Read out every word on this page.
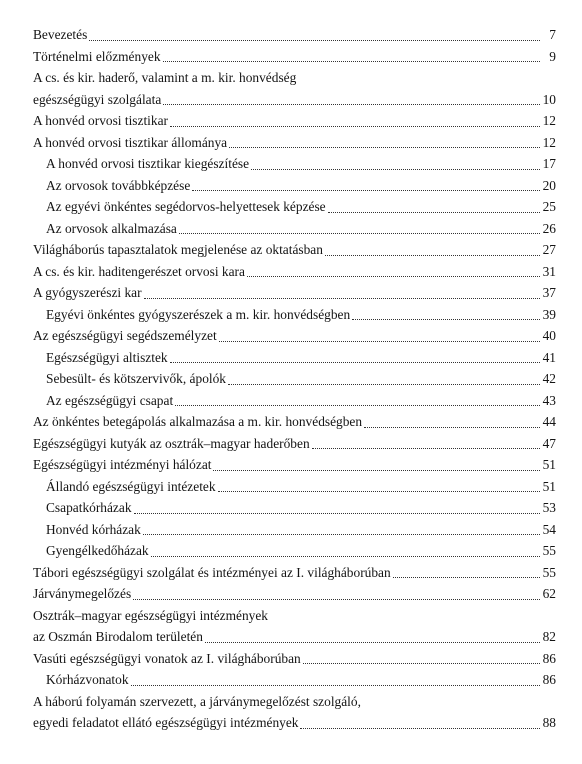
Bevezetés	7
Történelmi előzmények	9
A cs. és kir. haderő, valamint a m. kir. honvédség
egészségügyi szolgálata	10
A honvéd orvosi tisztikar	12
A honvéd orvosi tisztikar állománya	12
A honvéd orvosi tisztikar kiegészítése	17
Az orvosok továbbképzése	20
Az egyévi önkéntes segédorvos-helyettesek képzése	25
Az orvosok alkalmazása	26
Világháborús tapasztalatok megjelenése az oktatásban	27
A cs. és kir. haditengerészet orvosi kara	31
A gyógyszerészi kar	37
Egyévi önkéntes gyógyszerészek a m. kir. honvédségben	39
Az egészségügyi segédszemélyzet	40
Egészségügyi altisztek	41
Sebesült- és kötszervivők, ápolók	42
Az egészségügyi csapat	43
Az önkéntes betegápolás alkalmazása a m. kir. honvédségben	44
Egészségügyi kutyák az osztrák–magyar haderőben	47
Egészségügyi intézményi hálózat	51
Állandó egészségügyi intézetek	51
Csapatkórházak	53
Honvéd kórházak	54
Gyengélkedőházak	55
Tábori egészségügyi szolgálat és intézményei az I. világháborúban	55
Járványmegelőzés	62
Osztrák–magyar egészségügyi intézmények
az Oszmán Birodalom területén	82
Vasúti egészségügyi vonatok az I. világháborúban	86
Kórházvonatok	86
A háború folyamán szervezett, a járványmegelőzést szolgáló,
egyedi feladatot ellátó egészségügyi intézmények	88
